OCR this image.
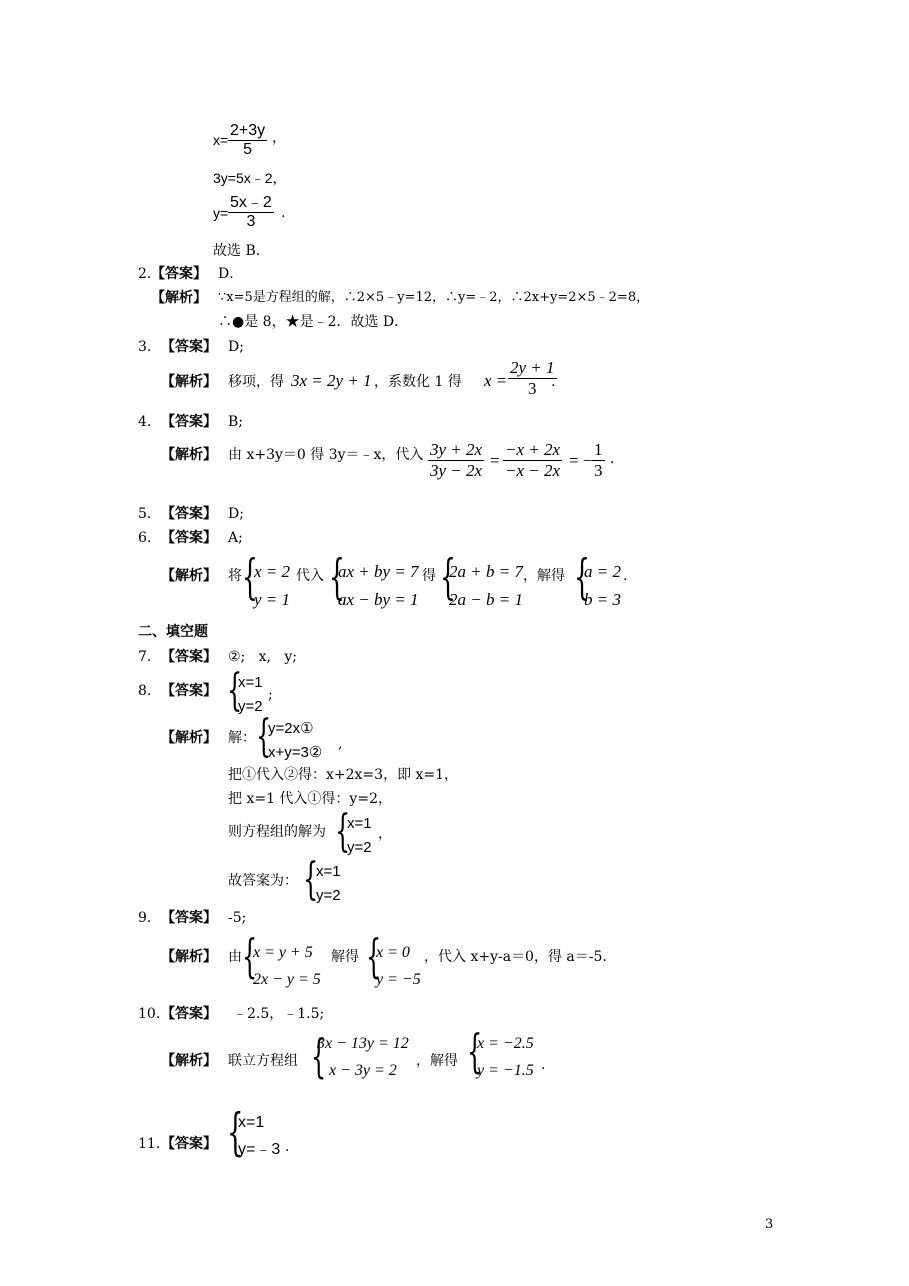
x=
2+3y
5
，
3y=5x﹣2，
y=
5x﹣2
3
.
故选 B．
2. 【答案】 D．
【解析】 ∵x=5是方程组的解，∴2×5﹣y=12，∴y=﹣2，∴2x+y=2×5﹣2=8，
∴●是 8，★是﹣2．故选 D．
3. 【答案】 D;
【解析】 移项，得 3x = 2y + 1 ，系数化 1 得 x =
2y + 1
3	.
4. 【答案】 B;
【解析】 由 x+3y＝0 得 3y＝﹣x，代入 3y + 2x
3y − 2x
=
−x + 2x
−x − 2x
= −
1
3
.
5. 【答案】 D;
6. 【答案】 A;
【解析】 将 {
x = 2
y = 1
代入 {
ax + by = 7
ax − by = 1
得 {
2a + b = 7
2a − b = 1
，解得 {
a = 2
b = 3
.
二、填空题
7. 【答案】 ②;   x,   y;
8. 【答案】 {
x=1
y=2
;
【解析】 解： {
y=2x①
x+y=3② ,
把①代入②得：x+2x=3，即 x=1，
把 x=1 代入①得：y=2，
则方程组的解为 {
x=1
y=2
，
故答案为： {
x=1
y=2
9. 【答案】 -5;
【解析】 由 {
x = y + 5
2x − y = 5
解得 {
x = 0
y = −5
，代入 x+y-a＝0，得 a＝-5.
10. 【答案】 ﹣2.5，﹣1.5;
【解析】 联立方程组 {
3x − 13y = 12
x − 3y = 2
，解得 {
x = −2.5
y = −1.5 .
11. 【答案】 {
x=1
y=﹣3 .
3
